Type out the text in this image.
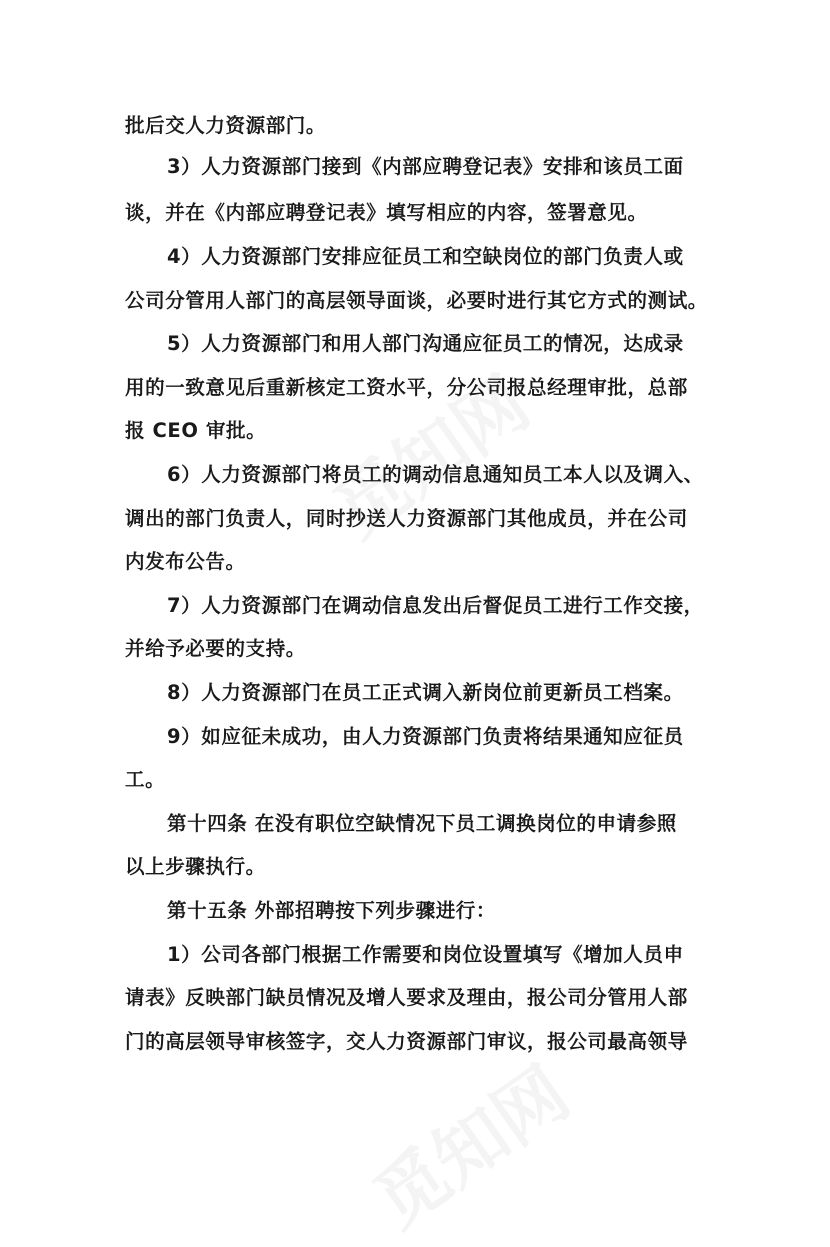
批后交人力资源部门。
3）人力资源部门接到《内部应聘登记表》安排和该员工面
谈，并在《内部应聘登记表》填写相应的内容，签署意见。
4）人力资源部门安排应征员工和空缺岗位的部门负责人或
公司分管用人部门的高层领导面谈，必要时进行其它方式的测试。
5）人力资源部门和用人部门沟通应征员工的情况，达成录
用的一致意见后重新核定工资水平，分公司报总经理审批，总部
报 CEO 审批。
6）人力资源部门将员工的调动信息通知员工本人以及调入、
调出的部门负责人，同时抄送人力资源部门其他成员，并在公司
内发布公告。
7）人力资源部门在调动信息发出后督促员工进行工作交接，
并给予必要的支持。
8）人力资源部门在员工正式调入新岗位前更新员工档案。
9）如应征未成功，由人力资源部门负责将结果通知应征员
工。
第十四条 在没有职位空缺情况下员工调换岗位的申请参照
以上步骤执行。
第十五条 外部招聘按下列步骤进行：
1）公司各部门根据工作需要和岗位设置填写《增加人员申
请表》反映部门缺员情况及增人要求及理由，报公司分管用人部
门的高层领导审核签字，交人力资源部门审议，报公司最高领导
